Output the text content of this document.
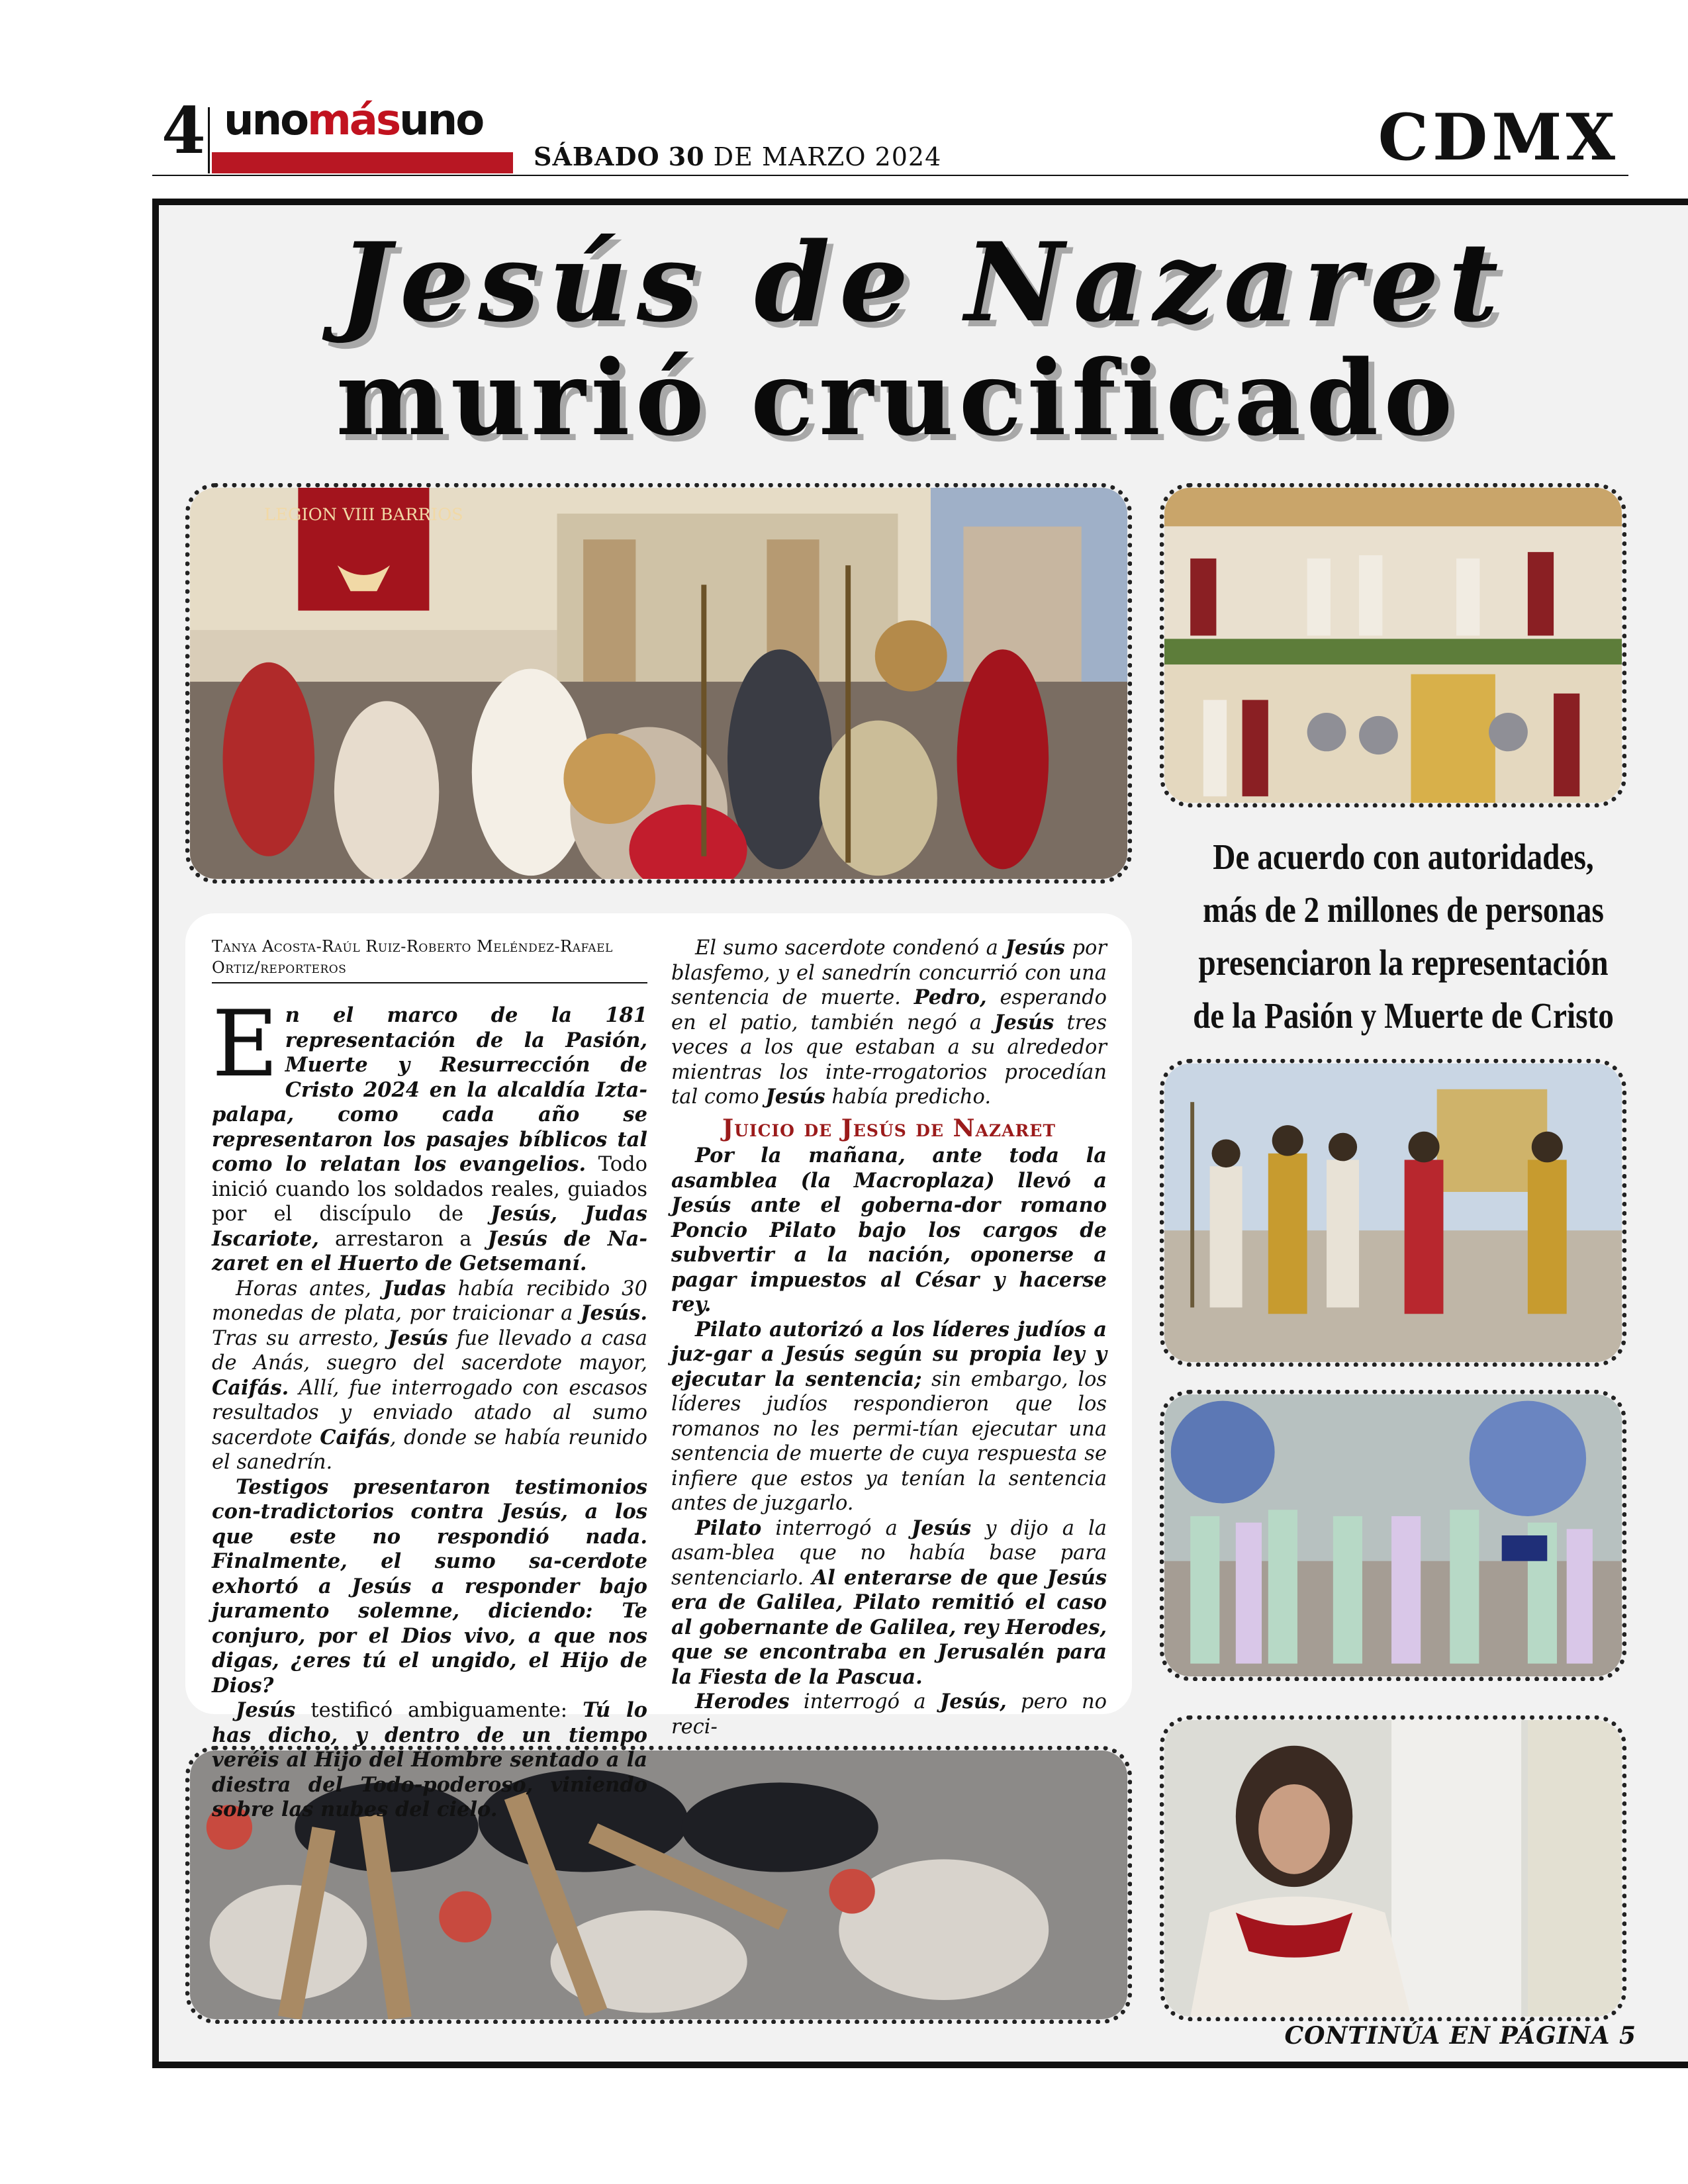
4 unomásuno
SÁBADO 30 DE MARZO 2024	CDMX
Jesús de Nazaret
murió crucificado
LEGION VIII BARRIOS
De acuerdo con autoridades,
más de 2 millones de personas
presenciaron la representación
de la Pasión y Muerte de Cristo
Tanya Acosta-Raúl Ruiz-Roberto Meléndez-Rafael Ortiz/reporteros

En el marco de la 181 representación de la Pasión, Muerte y Resurrección de Cristo 2024 en la alcaldía Izta-palapa, como cada año se representaron los pasajes bíblicos tal como lo relatan los evangelios. Todo inició cuando los soldados reales, guiados por el discípulo de Jesús, Judas Iscariote, arrestaron a Jesús de Na-zaret en el Huerto de Getsemaní.

Horas antes, Judas había recibido 30 monedas de plata, por traicionar a Jesús. Tras su arresto, Jesús fue llevado a casa de Anás, suegro del sacerdote mayor, Caifás. Allí, fue interrogado con escasos resultados y enviado atado al sumo sacerdote Caifás, donde se había reunido el sanedrín.

Testigos presentaron testimonios con-tradictorios contra Jesús, a los que este no respondió nada. Finalmente, el sumo sa-cerdote exhortó a Jesús a responder bajo juramento solemne, diciendo: Te conjuro, por el Dios vivo, a que nos digas, ¿eres tú el ungido, el Hijo de Dios?

Jesús testificó ambiguamente: Tú lo has dicho, y dentro de un tiempo veréis al Hijo del Hombre sentado a la diestra del Todo-poderoso, viniendo sobre las nubes del cielo.

El sumo sacerdote condenó a Jesús por blasfemo, y el sanedrín concurrió con una sentencia de muerte. Pedro, esperando en el patio, también negó a Jesús tres veces a los que estaban a su alrededor mientras los inte-rrogatorios procedían tal como Jesús había predicho.

Juicio de Jesús de Nazaret

Por la mañana, ante toda la asamblea (la Macroplaza) llevó a Jesús ante el goberna-dor romano Poncio Pilato bajo los cargos de subvertir a la nación, oponerse a pagar impuestos al César y hacerse rey.

Pilato autorizó a los líderes judíos a juz-gar a Jesús según su propia ley y ejecutar la sentencia; sin embargo, los líderes judíos respondieron que los romanos no les permi-tían ejecutar una sentencia de muerte de cuya respuesta se infiere que estos ya tenían la sentencia antes de juzgarlo.

Pilato interrogó a Jesús y dijo a la asam-blea que no había base para sentenciarlo. Al enterarse de que Jesús era de Galilea, Pilato remitió el caso al gobernante de Galilea, rey Herodes, que se encontraba en Jerusalén para la Fiesta de la Pascua.

Herodes interrogó a Jesús, pero no reci-

CONTINÚA EN PÁGINA 5
